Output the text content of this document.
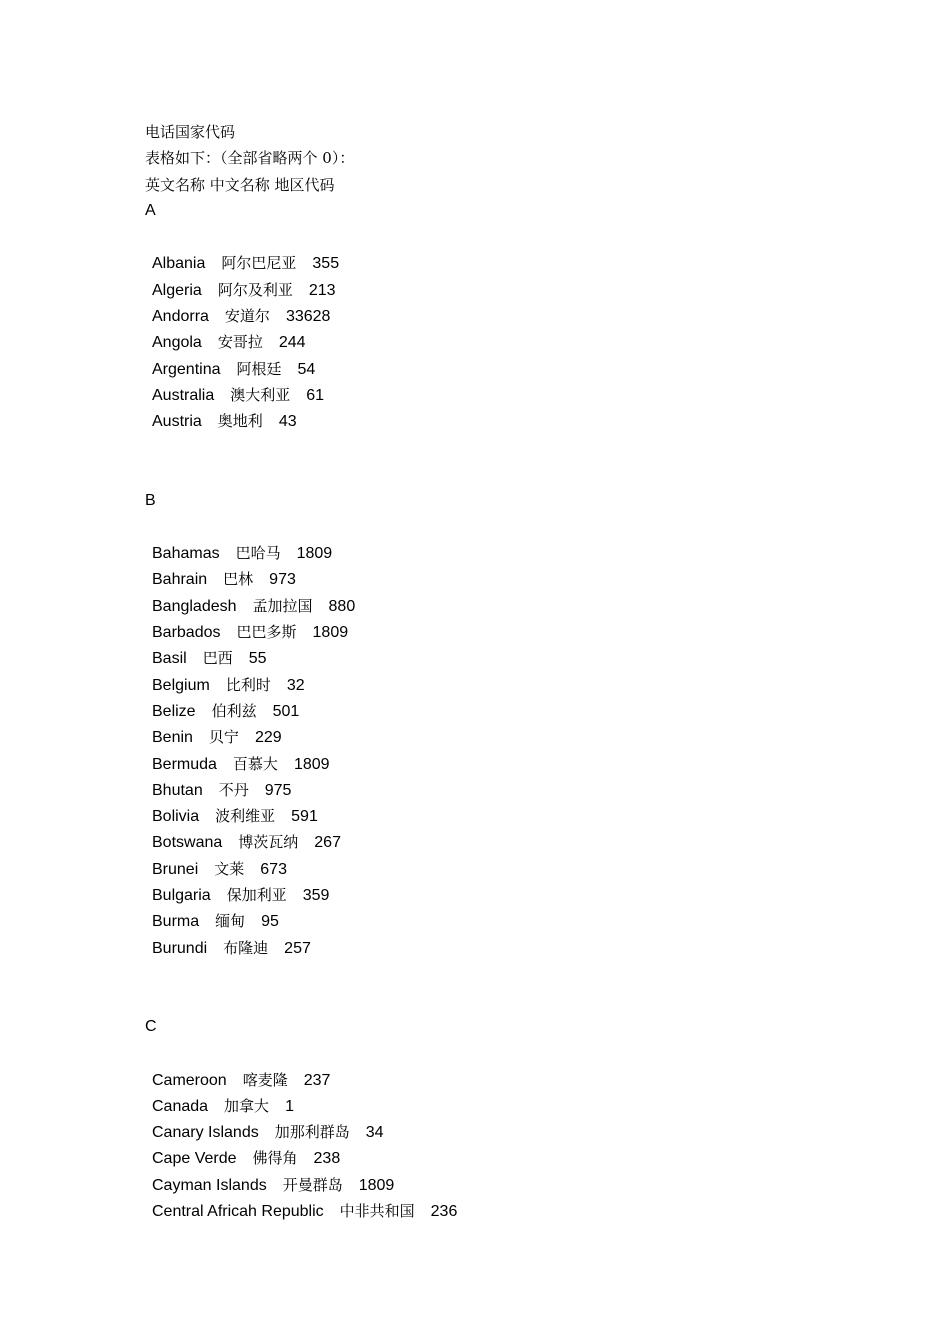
电话国家代码
表格如下：（全部省略两个 0）：
英文名称 中文名称 地区代码
A
Albania 阿尔巴尼亚 355
Algeria 阿尔及利亚 213
Andorra 安道尔 33628
Angola 安哥拉 244
Argentina 阿根廷 54
Australia 澳大利亚 61
Austria 奥地利 43
B
Bahamas 巴哈马 1809
Bahrain 巴林 973
Bangladesh 孟加拉国 880
Barbados 巴巴多斯 1809
Basil 巴西 55
Belgium 比利时 32
Belize 伯利兹 501
Benin 贝宁 229
Bermuda 百慕大 1809
Bhutan 不丹 975
Bolivia 波利维亚 591
Botswana 博茨瓦纳 267
Brunei 文莱 673
Bulgaria 保加利亚 359
Burma 缅甸 95
Burundi 布隆迪 257
C
Cameroon 喀麦隆 237
Canada 加拿大 1
Canary Islands 加那利群岛 34
Cape Verde 佛得角 238
Cayman Islands 开曼群岛 1809
Central Africah Republic 中非共和国 236
